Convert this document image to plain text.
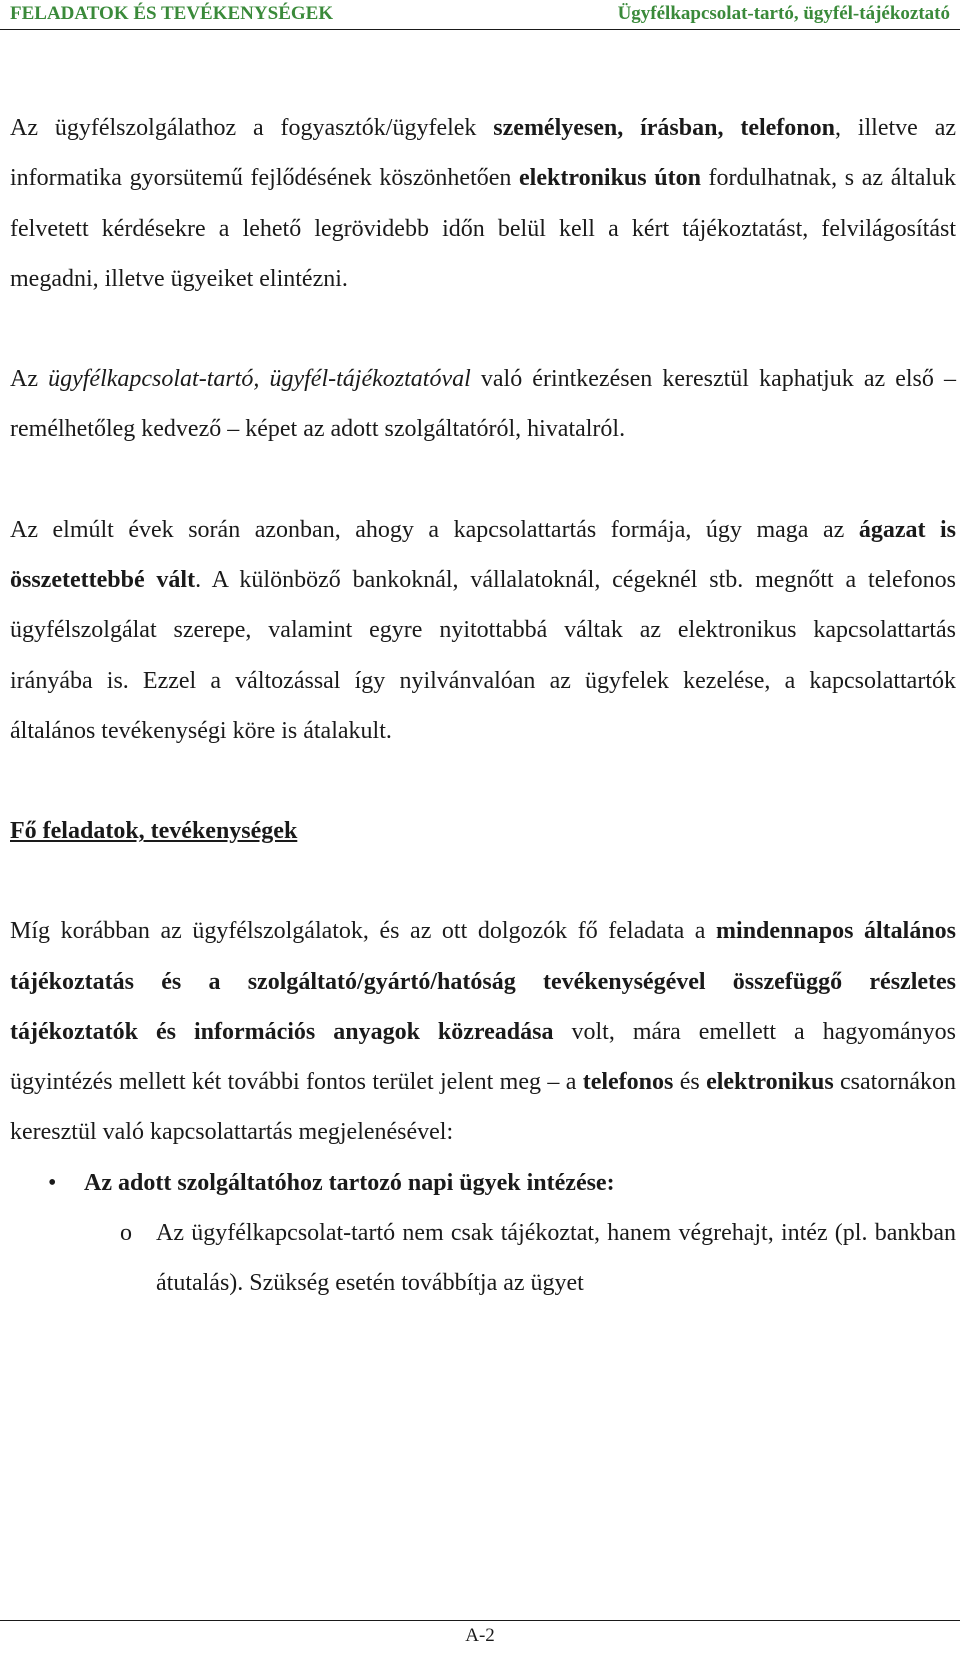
FELADATOK ÉS TEVÉKENYSÉGEK	Ügyfélkapcsolat-tartó, ügyfél-tájékoztató

Az ügyfélszolgálathoz a fogyasztók/ügyfelek személyesen, írásban, telefonon, illetve az informatika gyorsütemű fejlődésének köszönhetően elektronikus úton fordulhatnak, s az általuk felvetett kérdésekre a lehető legrövidebb időn belül kell a kért tájékoztatást, felvilágosítást megadni, illetve ügyeiket elintézni.

Az ügyfélkapcsolat-tartó, ügyfél-tájékoztatóval való érintkezésen keresztül kaphatjuk az első – remélhetőleg kedvező – képet az adott szolgáltatóról, hivatalról.

Az elmúlt évek során azonban, ahogy a kapcsolattartás formája, úgy maga az ágazat is összetettebbé vált. A különböző bankoknál, vállalatoknál, cégeknél stb. megnőtt a telefonos ügyfélszolgálat szerepe, valamint egyre nyitottabbá váltak az elektronikus kapcsolattartás irányába is. Ezzel a változással így nyilvánvalóan az ügyfelek kezelése, a kapcsolattartók általános tevékenységi köre is átalakult.

Fő feladatok, tevékenységek

Míg korábban az ügyfélszolgálatok, és az ott dolgozók fő feladata a mindennapos általános tájékoztatás és a szolgáltató/gyártó/hatóság tevékenységével összefüggő részletes tájékoztatók és információs anyagok közreadása volt, mára emellett a hagyományos ügyintézés mellett két további fontos terület jelent meg – a telefonos és elektronikus csatornákon keresztül való kapcsolattartás megjelenésével:

• Az adott szolgáltatóhoz tartozó napi ügyek intézése:
o Az ügyfélkapcsolat-tartó nem csak tájékoztat, hanem végrehajt, intéz (pl. bankban átutalás). Szükség esetén továbbítja az ügyet
A-2
